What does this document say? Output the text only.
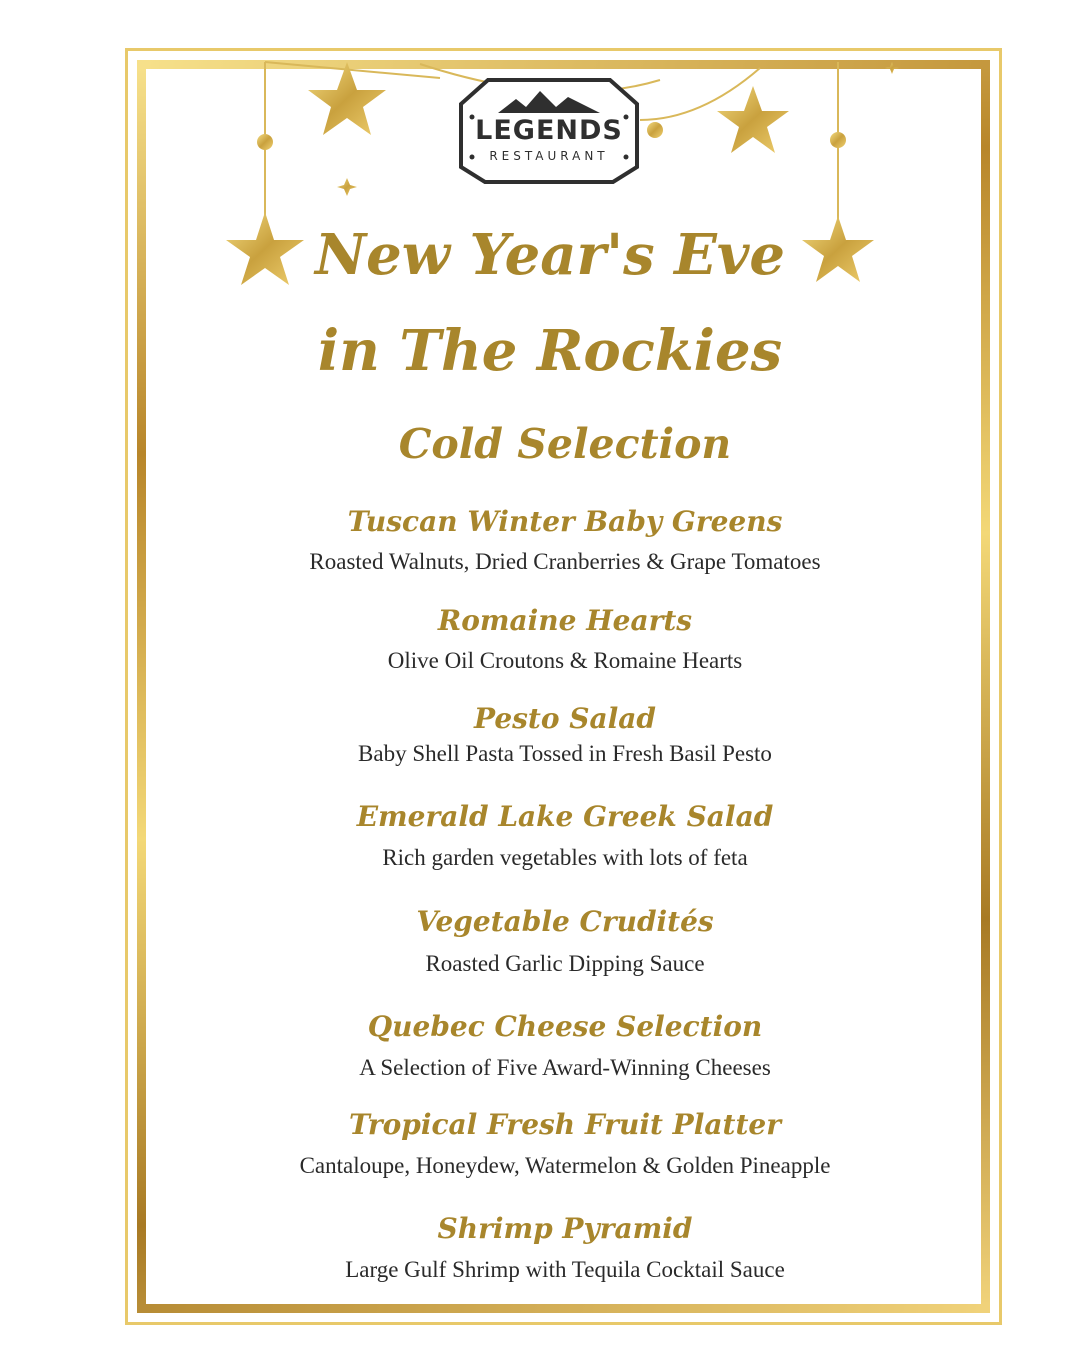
LEGENDS
RESTAURANT
New Year's Eve
in The Rockies
Cold Selection
Tuscan Winter Baby Greens
Roasted Walnuts, Dried Cranberries & Grape Tomatoes
Romaine Hearts
Olive Oil Croutons & Romaine Hearts
Pesto Salad
Baby Shell Pasta Tossed in Fresh Basil Pesto
Emerald Lake Greek Salad
Rich garden vegetables with lots of feta
Vegetable Crudités
Roasted Garlic Dipping Sauce
Quebec Cheese Selection
A Selection of Five Award-Winning Cheeses
Tropical Fresh Fruit Platter
Cantaloupe, Honeydew, Watermelon & Golden Pineapple
Shrimp Pyramid
Large Gulf Shrimp with Tequila Cocktail Sauce
